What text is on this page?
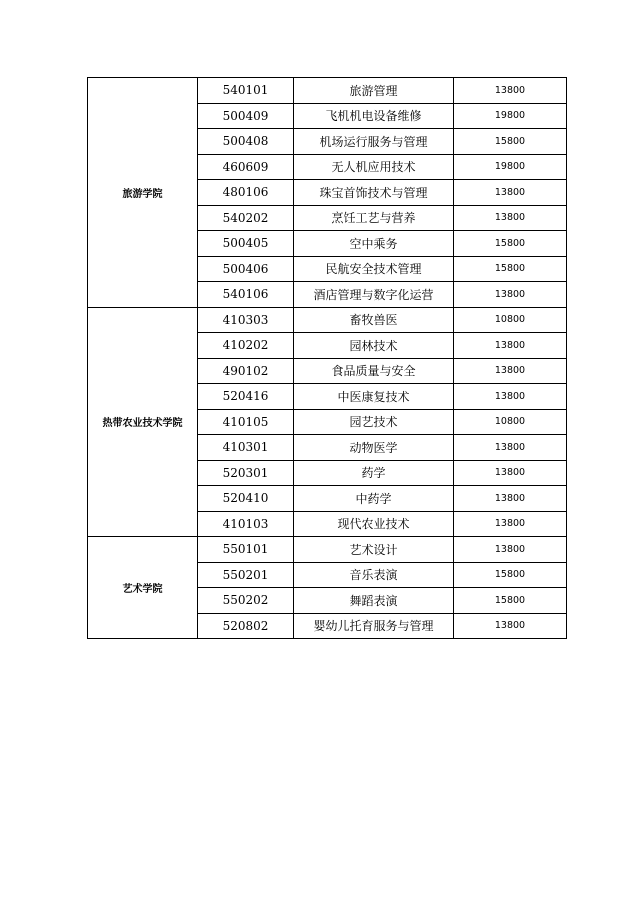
旅游学院	540101	旅游管理	13800
	500409	飞机机电设备维修	19800
	500408	机场运行服务与管理	15800
	460609	无人机应用技术	19800
	480106	珠宝首饰技术与管理	13800
	540202	烹饪工艺与营养	13800
	500405	空中乘务	15800
	500406	民航安全技术管理	15800
	540106	酒店管理与数字化运营	13800
热带农业技术学院	410303	畜牧兽医	10800
	410202	园林技术	13800
	490102	食品质量与安全	13800
	520416	中医康复技术	13800
	410105	园艺技术	10800
	410301	动物医学	13800
	520301	药学	13800
	520410	中药学	13800
	410103	现代农业技术	13800
艺术学院	550101	艺术设计	13800
	550201	音乐表演	15800
	550202	舞蹈表演	15800
	520802	婴幼儿托育服务与管理	13800
